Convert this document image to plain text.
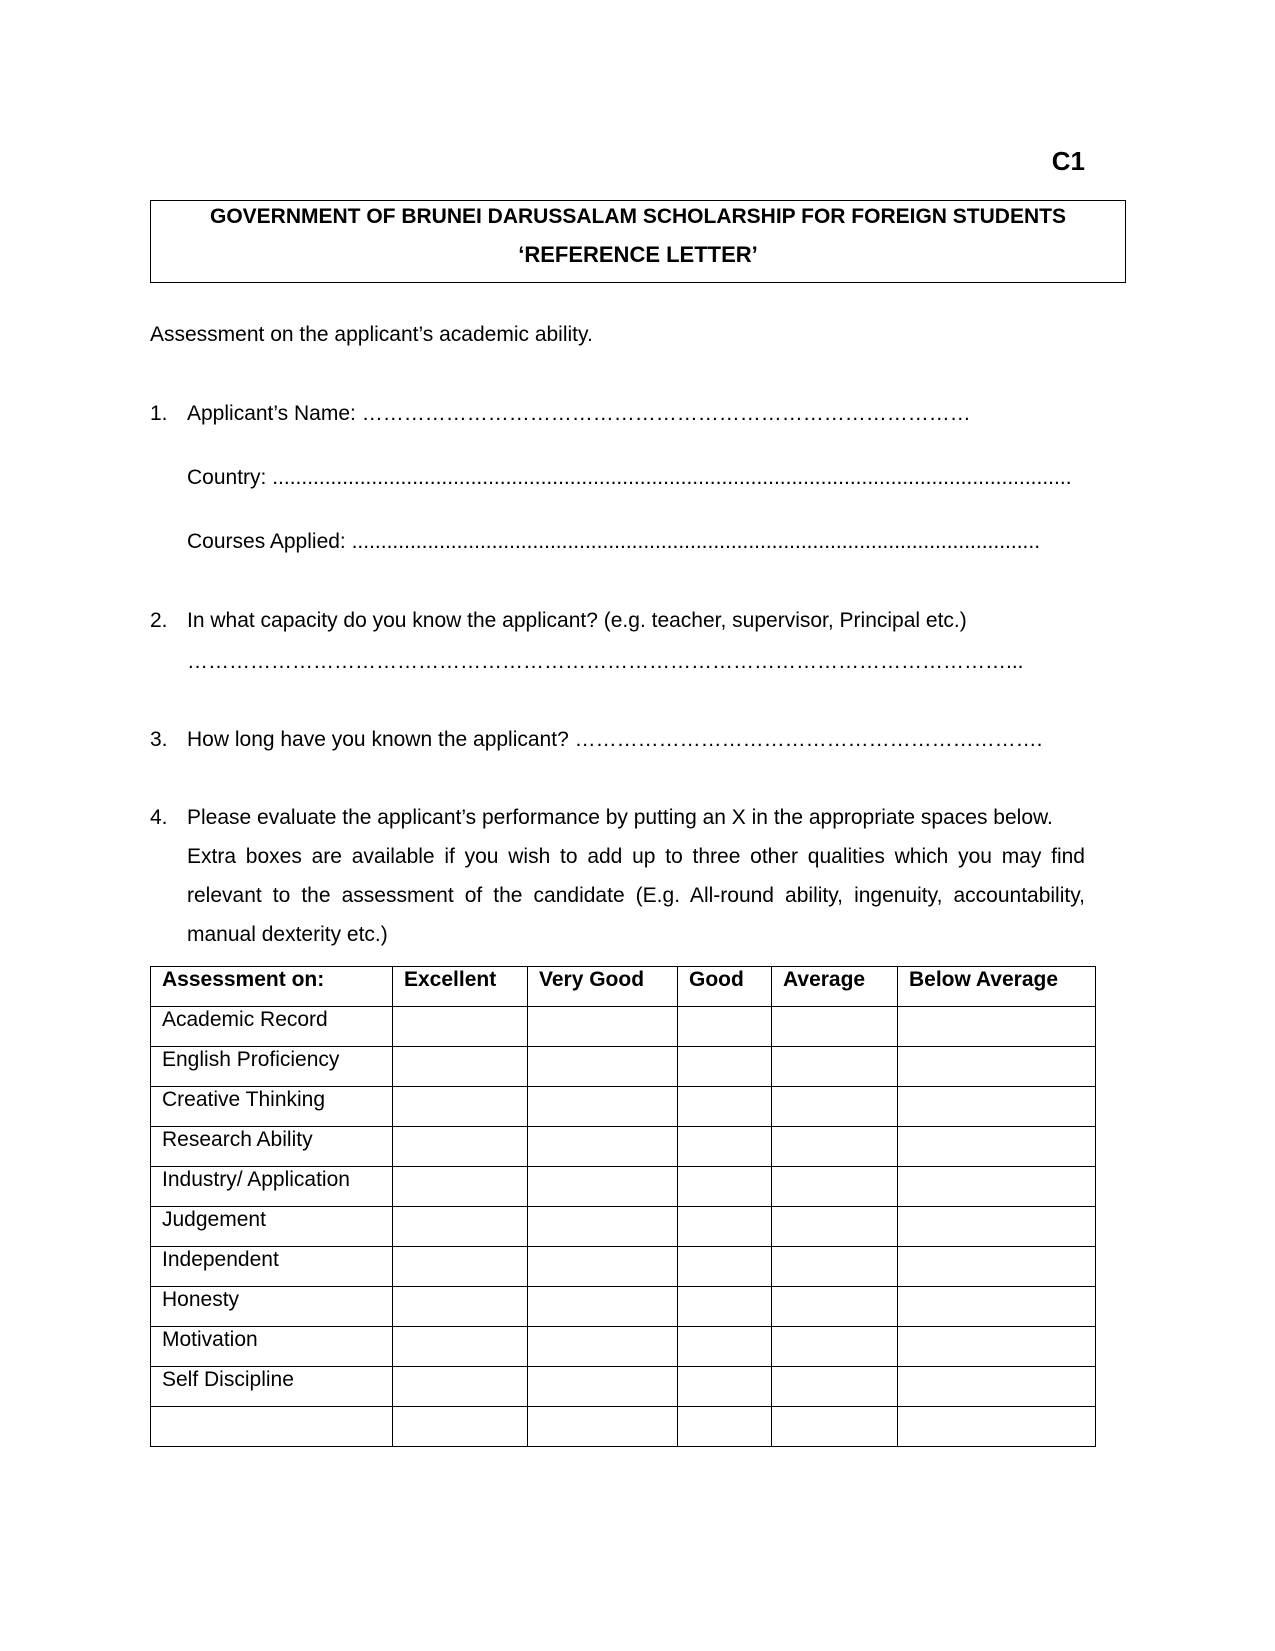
C1
GOVERNMENT OF BRUNEI DARUSSALAM SCHOLARSHIP FOR FOREIGN STUDENTS
‘REFERENCE LETTER’
Assessment on the applicant’s academic ability.
1. Applicant’s Name: ……………………………………………………………………………
Country: .........................................................................................................................................
Courses Applied: ......................................................................................................................
2. In what capacity do you know the applicant? (e.g. teacher, supervisor, Principal etc.)
………………………………………………………………………………………………………...
3. How long have you known the applicant? ………………………………………………………….
4. Please evaluate the applicant’s performance by putting an X in the appropriate spaces below.
Extra boxes are available if you wish to add up to three other qualities which you may find
relevant to the assessment of the candidate (E.g. All-round ability, ingenuity, accountability,
manual dexterity etc.)
Assessment on:	Excellent	Very Good	Good	Average	Below Average
Academic Record					
English Proficiency					
Creative Thinking					
Research Ability					
Industry/ Application					
Judgement					
Independent					
Honesty					
Motivation					
Self Discipline					
